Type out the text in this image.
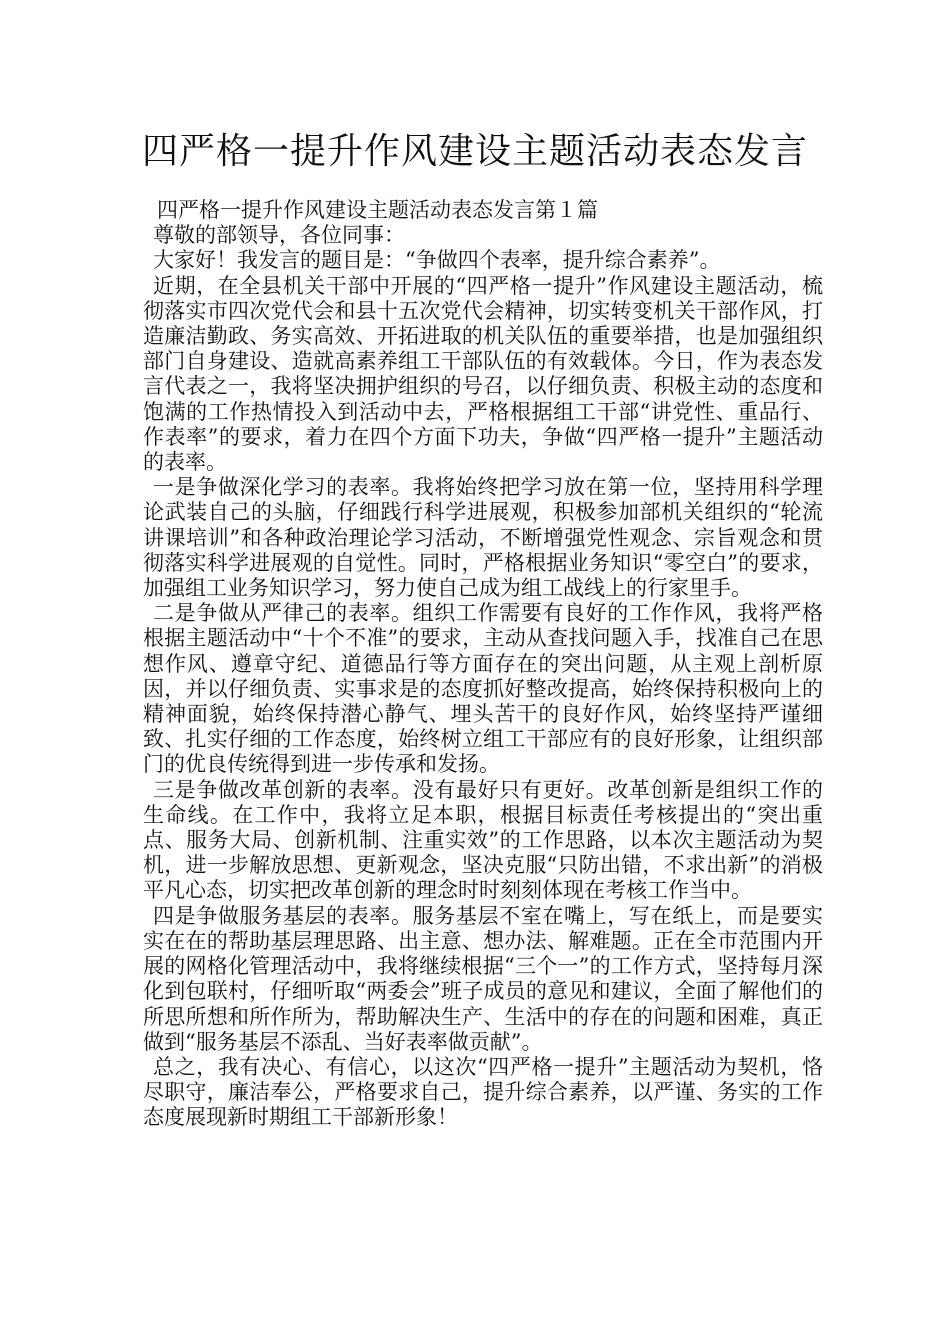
四严格一提升作风建设主题活动表态发言

四严格一提升作风建设主题活动表态发言第１篇

尊敬的部领导，各位同事：

大家好！我发言的题目是：“争做四个表率，提升综合素养”。

近期，在全县机关干部中开展的“四严格一提升”作风建设主题活动，梳彻落实市四次党代会和县十五次党代会精神，切实转变机关干部作风，打造廉洁勤政、务实高效、开拓进取的机关队伍的重要举措，也是加强组织部门自身建设、造就高素养组工干部队伍的有效载体。今日，作为表态发言代表之一，我将坚决拥护组织的号召，以仔细负责、积极主动的态度和饱满的工作热情投入到活动中去，严格根据组工干部“讲党性、重品行、作表率”的要求，着力在四个方面下功夫，争做“四严格一提升”主题活动的表率。

一是争做深化学习的表率。我将始终把学习放在第一位，坚持用科学理论武装自己的头脑，仔细践行科学进展观，积极参加部机关组织的“轮流讲课培训”和各种政治理论学习活动，不断增强党性观念、宗旨观念和贯彻落实科学进展观的自觉性。同时，严格根据业务知识“零空白”的要求，加强组工业务知识学习，努力使自己成为组工战线上的行家里手。

二是争做从严律己的表率。组织工作需要有良好的工作作风，我将严格根据主题活动中“十个不准”的要求，主动从查找问题入手，找准自己在思想作风、遵章守纪、道德品行等方面存在的突出问题，从主观上剖析原因，并以仔细负责、实事求是的态度抓好整改提高，始终保持积极向上的精神面貌，始终保持潜心静气、埋头苦干的良好作风，始终坚持严谨细致、扎实仔细的工作态度，始终树立组工干部应有的良好形象，让组织部门的优良传统得到进一步传承和发扬。

三是争做改革创新的表率。没有最好只有更好。改革创新是组织工作的生命线。在工作中，我将立足本职，根据目标责任考核提出的“突出重点、服务大局、创新机制、注重实效”的工作思路，以本次主题活动为契机，进一步解放思想、更新观念，坚决克服“只防出错，不求出新”的消极平凡心态，切实把改革创新的理念时时刻刻体现在考核工作当中。

四是争做服务基层的表率。服务基层不室在嘴上，写在纸上，而是要实实在在的帮助基层理思路、出主意、想办法、解难题。正在全市范围内开展的网格化管理活动中，我将继续根据“三个一”的工作方式，坚持每月深化到包联村，仔细听取“两委会”班子成员的意见和建议，全面了解他们的所思所想和所作所为，帮助解决生产、生活中的存在的问题和困难，真正做到“服务基层不添乱、当好表率做贡献”。

总之，我有决心、有信心，以这次“四严格一提升”主题活动为契机，恪尽职守，廉洁奉公，严格要求自己，提升综合素养，以严谨、务实的工作态度展现新时期组工干部新形象！
